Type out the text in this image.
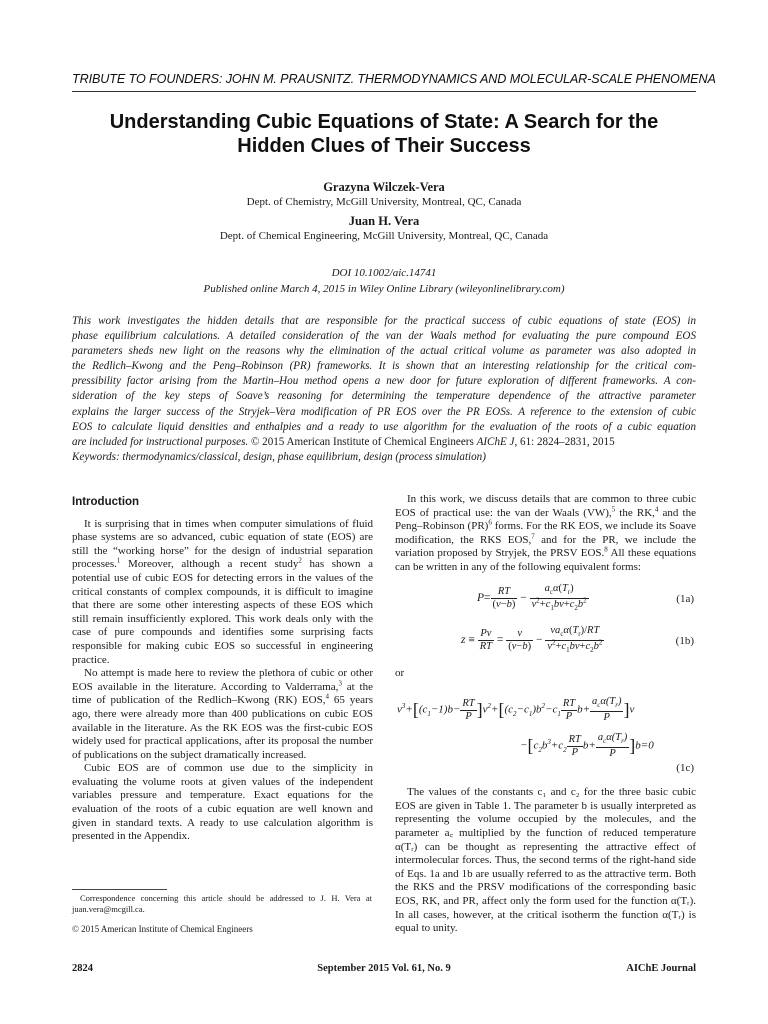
TRIBUTE TO FOUNDERS: JOHN M. PRAUSNITZ. THERMODYNAMICS AND MOLECULAR-SCALE PHENOMENA
Understanding Cubic Equations of State: A Search for the
Hidden Clues of Their Success
Grazyna Wilczek-Vera
Dept. of Chemistry, McGill University, Montreal, QC, Canada
Juan H. Vera
Dept. of Chemical Engineering, McGill University, Montreal, QC, Canada
DOI 10.1002/aic.14741
Published online March 4, 2015 in Wiley Online Library (wileyonlinelibrary.com)
This work investigates the hidden details that are responsible for the practical success of cubic equations of state (EOS) in
phase equilibrium calculations. A detailed consideration of the van der Waals method for evaluating the pure compound EOS
parameters sheds new light on the reasons why the elimination of the actual critical volume as parameter was also adopted in
the Redlich–Kwong and the Peng–Robinson (PR) frameworks. It is shown that an interesting relationship for the critical com-
pressibility factor arising from the Martin–Hou method opens a new door for future exploration of different frameworks. A con-
sideration of the key steps of Soave’s reasoning for determining the temperature dependence of the attractive parameter
explains the larger success of the Stryjek–Vera modification of PR EOS over the PR EOSs. A reference to the extension of cubic
EOS to calculate liquid densities and enthalpies and a ready to use algorithm for the evaluation of the roots of a cubic equation
are included for instructional purposes. © 2015 American Institute of Chemical Engineers AIChE J, 61: 2824–2831, 2015
Keywords: thermodynamics/classical, design, phase equilibrium, design (process simulation)
Introduction

It is surprising that in times when computer simulations of fluid phase systems are so advanced, cubic equation of state (EOS) are still the “working horse” for the design of industrial separation processes.$^1$ Moreover, although a recent study$^2$ has shown a potential use of cubic EOS for detecting errors in the values of the critical constants of complex compounds, it is difficult to imagine that there are some other interesting aspects of these EOS which still remain insufficiently explored. This work deals only with the case of pure compounds and identifies some surprising facts responsible for making cubic EOS so successful in engineering practice.

No attempt is made here to review the plethora of cubic or other EOS available in the literature. According to Valderrama,$^3$ at the time of publication of the Redlich–Kwong (RK) EOS,$^4$ 65 years ago, there were already more than 400 publications on cubic EOS available in the literature. As the RK EOS was the first-cubic EOS widely used for practical applications, after its proposal the number of publications on the subject dramatically increased.

Cubic EOS are of common use due to the simplicity in evaluating the volume roots at given values of the independent variables pressure and temperature. Exact equations for the evaluation of the roots of a cubic equation are well known and given in standard texts. A ready to use calculation algorithm is presented in the Appendix.

In this work, we discuss details that are common to three cubic EOS of practical use: the van der Waals (VW),$^5$ the RK,$^4$ and the Peng–Robinson (PR)$^6$ forms. For the RK EOS, we include its Soave modification, the RKS EOS,$^7$ and for the PR, we include the variation proposed by Stryjek, the PRSV EOS.$^8$ All these equations can be written in any of the following equivalent forms:

$P= \frac{RT}{(v-b)} - \frac{a_c\alpha(T_r)}{v^2+c_1bv+c_2b^2}$	(1a)
$z \equiv \frac{Pv}{RT} = \frac{v}{(v-b)} - \frac{va_c\alpha(T_r)/RT}{v^2+c_1bv+c_2b^2}$	(1b)
or
$v^3+[(c_1-1)b- \frac{RT}{P} ]v^2+[(c_2-c_1)b^2-c_1 \frac{RT}{P} b+ \frac{a_c\alpha(T_r)}{P} ]v$
$-[c_2b^3+c_2 \frac{RT}{P} b+ \frac{a_c\alpha(T_r)}{P} ]b=0$
(1c)

The values of the constants c₁ and c₂ for the three basic cubic EOS are given in Table 1. The parameter b is usually interpreted as representing the volume occupied by the molecules, and the parameter a꜀ multiplied by the function of reduced temperature α(Tᵣ) can be thought as representing the attractive effect of intermolecular forces. Thus, the second terms of the right-hand side of Eqs. 1a and 1b are usually referred to as the attractive term. Both the RKS and the PRSV modifications of the corresponding basic EOS, RK, and PR, affect only the form used for the function α(Tᵣ). In all cases, however, at the critical isotherm the function α(Tᵣ) is equal to unity.

Correspondence concerning this article should be addressed to J. H. Vera at juan.vera@mcgill.ca.
© 2015 American Institute of Chemical Engineers
2824	September 2015 Vol. 61, No. 9	AIChE Journal
